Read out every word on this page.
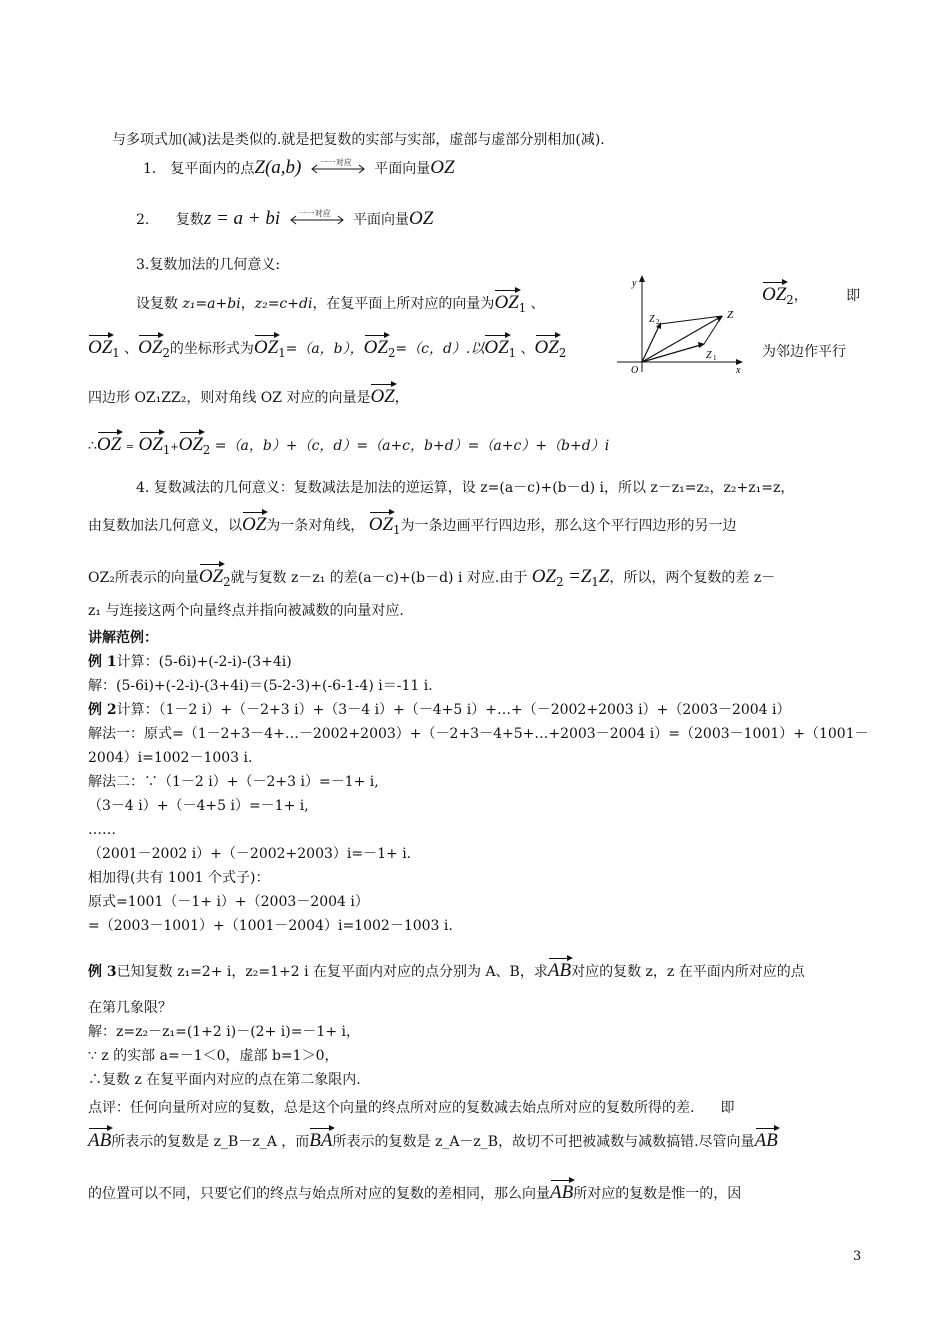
与多项式加(减)法是类似的.就是把复数的实部与实部，虚部与虚部分别相加(减).
1． 复平面内的点Z(a,b) 一一对应 平面向量OZ
2. 复数z = a + bi 一一对应 平面向量OZ
3.复数加法的几何意义:
设复数 z₁=a+bi，z₂=c+di，在复平面上所对应的向量为$OZ_1$ 、	$OZ_2$，	即
$OZ_1$ 、$OZ_2$的坐标形式为$OZ_1=(a$，b），$OZ_2=(c$，d）.以$OZ_1$ 、$OZ_2$	为邻边作平行
四边形 OZ₁ZZ₂，则对角线 OZ 对应的向量是OZ，
∴OZ = $OZ_1+OZ_2 =(a$，b）+（c，d）=（a+c，b+d）=（a+c）+（b+d）i
4. 复数减法的几何意义：复数减法是加法的逆运算，设 z=(a－c)+(b－d) i，所以 z－z₁=z₂，z₂+z₁=z，
由复数加法几何意义，以OZ为一条对角线， $OZ_1$为一条边画平行四边形，那么这个平行四边形的另一边
OZ₂所表示的向量$OZ_2$就与复数 z－z₁ 的差(a－c)+(b－d) i 对应.由于 $OZ_2 =Z_1Z$，所以，两个复数的差 z－
z₁ 与连接这两个向量终点并指向被减数的向量对应.
讲解范例：
例 1计算：(5-6i)+(-2-i)-(3+4i)
解：(5-6i)+(-2-i)-(3+4i)＝(5-2-3)+(-6-1-4) i＝-11 i.
例 2计算：（1－2 i）+（－2+3 i）+（3－4 i）+（－4+5 i）+…+（－2002+2003 i）+（2003－2004 i）
解法一：原式=（1－2+3－4+…－2002+2003）+（－2+3－4+5+…+2003－2004 i）=（2003－1001）+（1001－
2004）i=1002－1003 i.
解法二：∵（1－2 i）+（－2+3 i）=－1+ i,
（3－4 i）+（－4+5 i）=－1+ i,
……
（2001－2002 i）+（－2002+2003）i=－1+ i.
相加得(共有 1001 个式子)：
原式=1001（－1+ i）+（2003－2004 i）
=（2003－1001）+（1001－2004）i=1002－1003 i.
例 3已知复数 z₁=2+ i，z₂=1+2 i 在复平面内对应的点分别为 A、B，求AB对应的复数 z，z 在平面内所对应的点
在第几象限？
解：z=z₂－z₁=(1+2 i)－(2+ i)=－1+ i，
∵ z 的实部 a=－1＜0，虚部 b=1＞0，
∴复数 z 在复平面内对应的点在第二象限内.
点评：任何向量所对应的复数，总是这个向量的终点所对应的复数减去始点所对应的复数所得的差. 即
AB所表示的复数是 z_B－z_A ，而BA所表示的复数是 z_A－z_B，故切不可把被减数与减数搞错.尽管向量AB
的位置可以不同，只要它们的终点与始点所对应的复数的差相同，那么向量AB所对应的复数是惟一的，因
y
x
O
Z
Z 1
Z 2
3
